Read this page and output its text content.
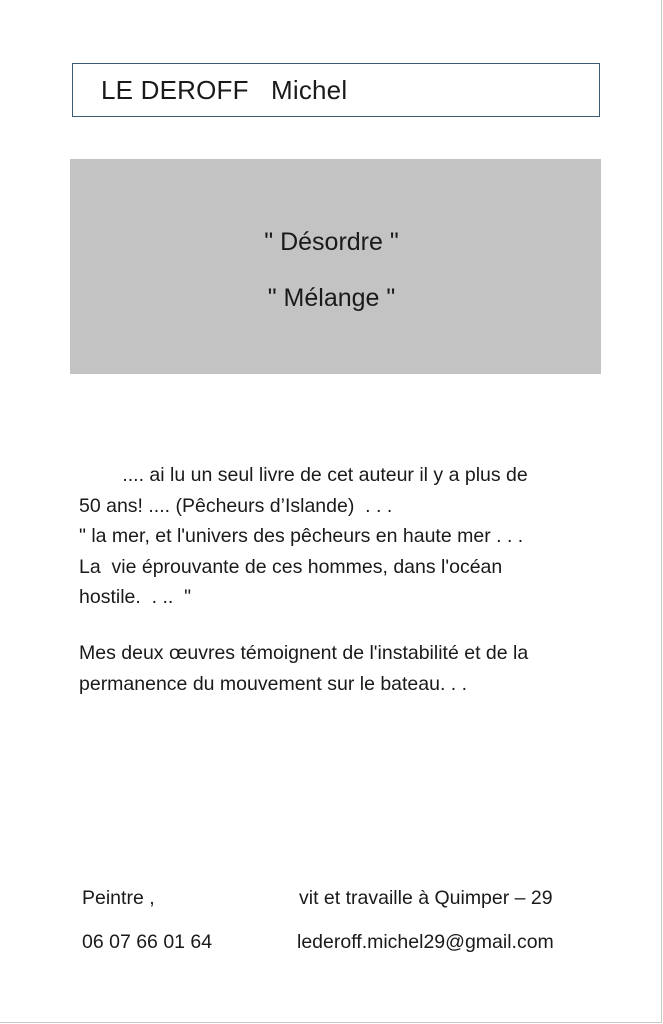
LE DEROFF   Michel
" Désordre "
" Mélange "
.... ai lu un seul livre de cet auteur il y a plus de
50 ans! .... (Pêcheurs d’Islande)  . . .
" la mer, et l'univers des pêcheurs en haute mer . . .
La  vie éprouvante de ces hommes, dans l'océan
hostile.  . ..  "
Mes deux œuvres témoignent de l'instabilité et de la
permanence du mouvement sur le bateau. . .
Peintre ,	vit et travaille à Quimper – 29
06 07 66 01 64	lederoff.michel29@gmail.com
